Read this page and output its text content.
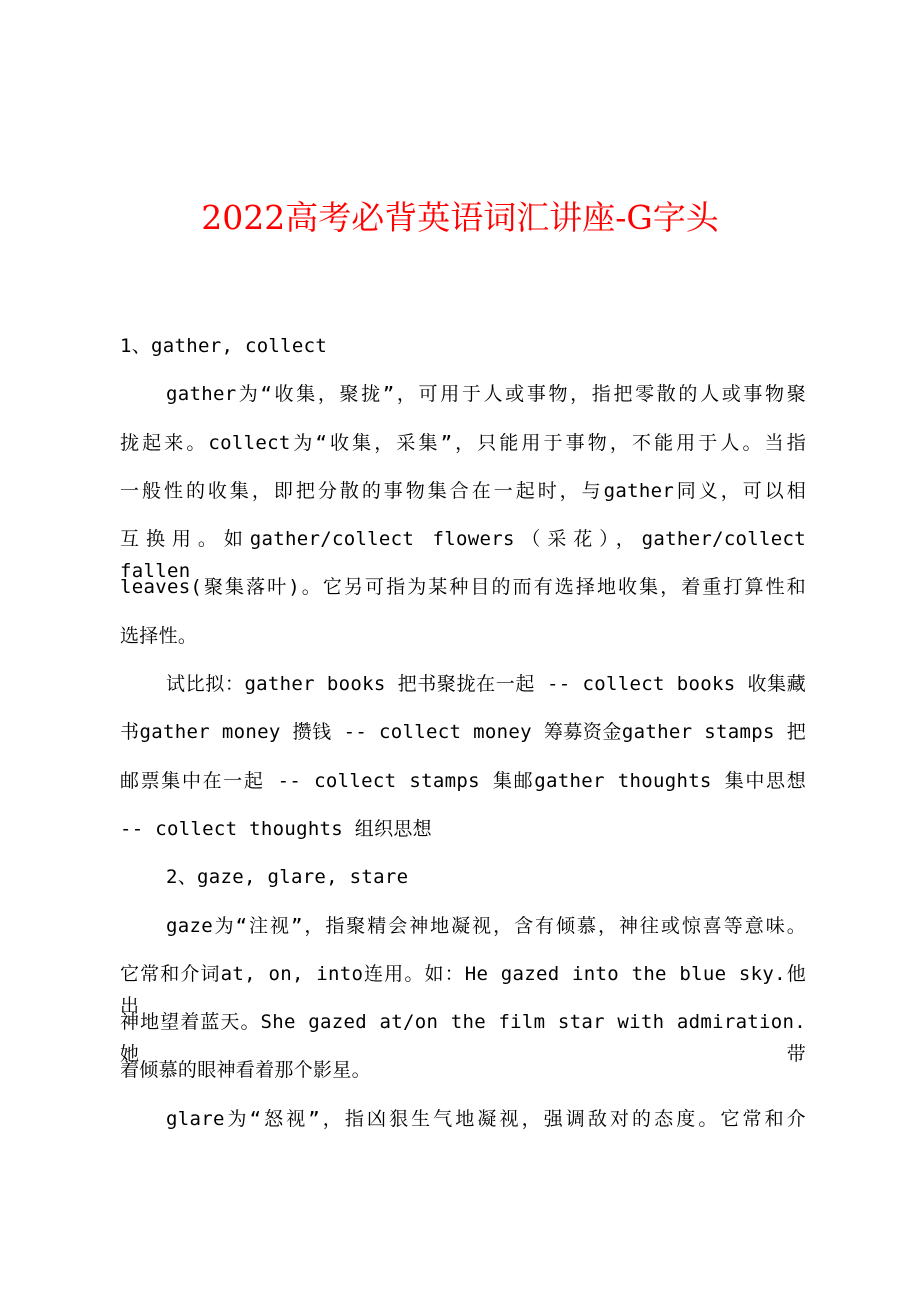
2022高考必背英语词汇讲座-G字头
1、gather, collect
gather为“收集，聚拢”，可用于人或事物，指把零散的人或事物聚
拢起来。collect为“收集，采集”，只能用于事物，不能用于人。当指
一般性的收集，即把分散的事物集合在一起时，与gather同义，可以相
互换用。如gather/collect flowers（采花），gather/collect fallen
leaves(聚集落叶)。它另可指为某种目的而有选择地收集，着重打算性和
选择性。
试比拟：gather books 把书聚拢在一起 -- collect books 收集藏
书gather money 攒钱 -- collect money 筹募资金gather stamps 把
邮票集中在一起 -- collect stamps 集邮gather thoughts 集中思想
-- collect thoughts 组织思想
2、gaze, glare, stare
gaze为“注视”，指聚精会神地凝视，含有倾慕，神往或惊喜等意味。
它常和介词at, on, into连用。如：He gazed into the blue sky.他出
神地望着蓝天。She gazed at/on the film star with admiration.她带
着倾慕的眼神看着那个影星。
glare为“怒视”，指凶狠生气地凝视，强调敌对的态度。它常和介
